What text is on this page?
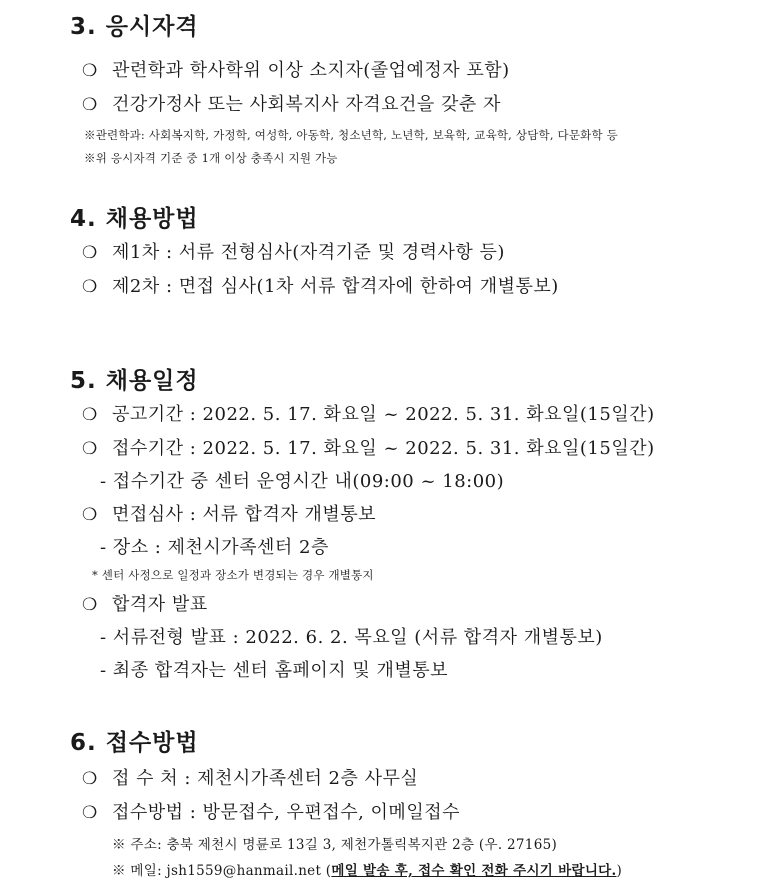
3. 응시자격
❍ 관련학과 학사학위 이상 소지자(졸업예정자 포함)
❍ 건강가정사 또는 사회복지사 자격요건을 갖춘 자
※관련학과: 사회복지학, 가정학, 여성학, 아동학, 청소년학, 노년학, 보육학, 교육학, 상담학, 다문화학 등
※위 응시자격 기준 중 1개 이상 충족시 지원 가능
4. 채용방법
❍ 제1차 : 서류 전형심사(자격기준 및 경력사항 등)
❍ 제2차 : 면접 심사(1차 서류 합격자에 한하여 개별통보)
5. 채용일정
❍ 공고기간 : 2022. 5. 17. 화요일 ~ 2022. 5. 31. 화요일(15일간)
❍ 접수기간 : 2022. 5. 17. 화요일 ~ 2022. 5. 31. 화요일(15일간)
- 접수기간 중 센터 운영시간 내(09:00 ~ 18:00)
❍ 면접심사 : 서류 합격자 개별통보
- 장소 : 제천시가족센터 2층
* 센터 사정으로 일정과 장소가 변경되는 경우 개별통지
❍ 합격자 발표
- 서류전형 발표 : 2022. 6. 2. 목요일 (서류 합격자 개별통보)
- 최종 합격자는 센터 홈페이지 및 개별통보
6. 접수방법
❍ 접 수 처 : 제천시가족센터 2층 사무실
❍ 접수방법 : 방문접수, 우편접수, 이메일접수
※ 주소: 충북 제천시 명륜로 13길 3, 제천가톨릭복지관 2층 (우. 27165)
※ 메일: jsh1559@hanmail.net (메일 발송 후, 접수 확인 전화 주시기 바랍니다.)
